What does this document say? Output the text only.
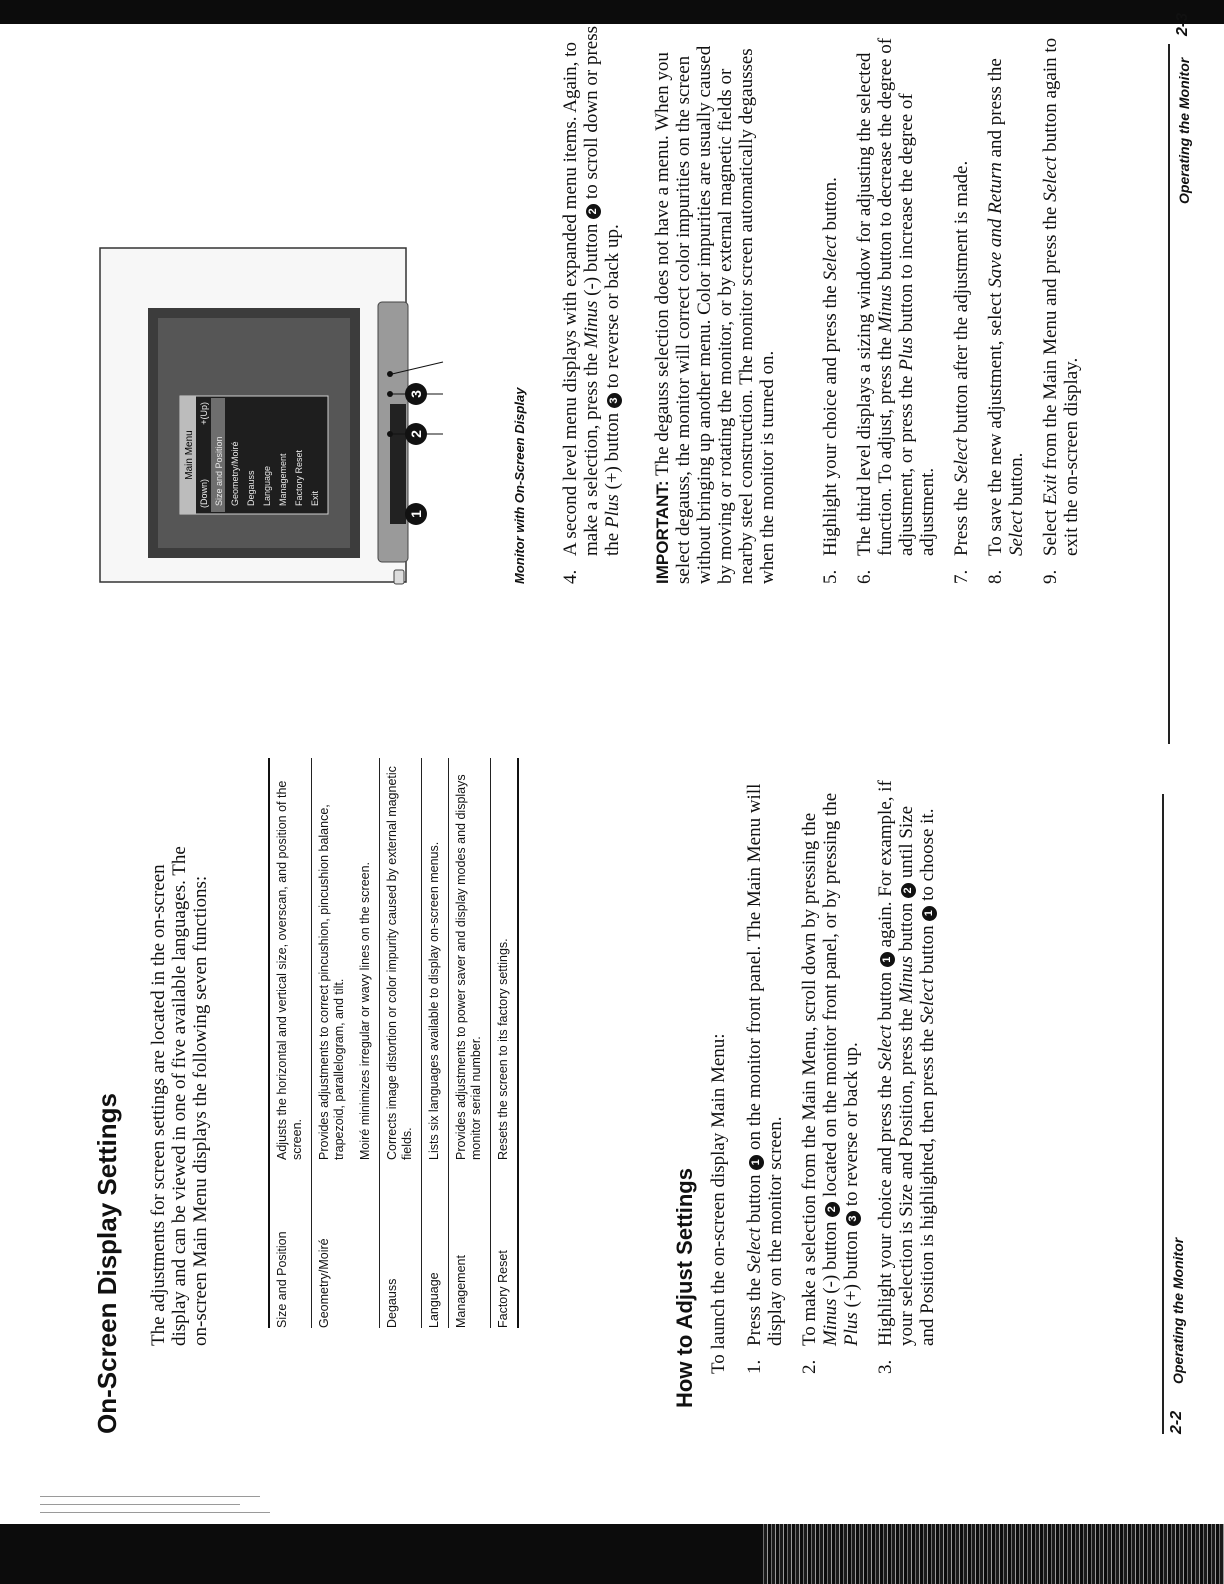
On-Screen Display Settings The adjustments for screen settings are located in the on-screen display and can be viewed in one of five available languages. The on-screen Main Menu displays the following seven functions:	Size and Position	Adjusts the horizontal and vertical size, overscan, and position of the screen.
Geometry/Moiré	Provides adjustments to correct pincushion, pincushion balance, trapezoid, parallelogram, and tilt.
	Moiré minimizes irregular or wavy lines on the screen.
Degauss	Corrects image distortion or color impurity caused by external magnetic fields.
Language	Lists six languages available to display on-screen menus.
Management	Provides adjustments to power saver and display modes and displays monitor serial number.
Factory Reset	Resets the screen to its factory settings.
How to Adjust Settings To launch the on-screen display Main Menu: 1.
Press the Select button 1 on the monitor front panel. The Main Menu will display on the monitor screen.
2.
To make a selection from the Main Menu, scroll down by pressing the Minus (-) button 2 located on the monitor front panel, or by pressing the Plus (+) button 3 to reverse or back up.
3.
Highlight your choice and press the Select button 1 again. For example, if your selection is Size and Position, press the Minus button 2 until Size and Position is highlighted, then press the Select button 1 to choose it.
2-2
Operating the Monitor
Main Menu
(Down)
+(Up)
Size and Position Geometry/Moiré Degauss Language Management Factory Reset Exit
1
2
3	Monitor with On-Screen Display 4.
A second level menu displays with expanded menu items. Again, to make a selection, press the Minus (-) button 2 to scroll down or press the Plus (+) button 3 to reverse or back up.
IMPORTANT: The degauss selection does not have a menu. When you select degauss, the monitor will correct color impurities on the screen without bringing up another menu. Color impurities are usually caused by moving or rotating the monitor, or by external magnetic fields or nearby steel construction. The monitor screen automatically degausses when the monitor is turned on. 5.
Highlight your choice and press the Select button.
6.
The third level displays a sizing window for adjusting the selected function. To adjust, press the Minus button to decrease the degree of adjustment, or press the Plus button to increase the degree of adjustment.
7.
Press the Select button after the adjustment is made.
8.
To save the new adjustment, select Save and Return and press the Select button.
9.
Select Exit from the Main Menu and press the Select button again to exit the on-screen display.
Operating the Monitor
2-3
